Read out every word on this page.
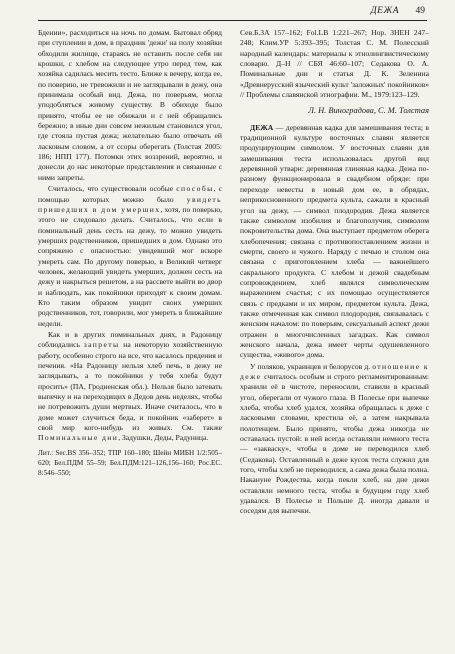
ДЕЖА 49

Бдении», расходиться на ночь по домам. Бытовал обряд при ступлении в дом, в праздник 'дежи' на полу хозяйки обходили жилище, стараясь не оставить после себя ни крошки, с хлебом на следующее утро перед тем, как хозяйка садилась месить тесто. Ближе к вечеру, когда ее, по поверию, не тревожили и не заглядывали в дежу, она принимала особый вид. Дежа, по поверьям, могла уподобляться живому существу. В обиходе было принято, чтобы ее не обижали и с ней обращались бережно; в иные дни совсем нежилым становился угол, где стояла пустая дежа; желательно было отвечать ей ласковым словом, а от ссоры оберегать (Толстая 2005: 186; НПП 177). Потомки этих воззрений, вероятно, и донесли до нас некоторые представления и связанные с ними запреты.

Считалось, что существовали особые способы, с помощью которых можно было увидеть пришедших в дом умерших, хотя, по поверью, этого не следовало делать. Считалось, что если в поминальный день сесть на дежу, то можно увидеть умерших родственников, пришедших в дом. Однако это сопряжено с опасностью: увидевший мог вскоре умереть сам. По другому поверью, в Великий четверг человек, желающий увидеть умерших, должен сесть на дежу и накрыться решетом, а на рассвете выйти во двор и наблюдать, как покойники приходят к своим домам. Кто таким образом увидит своих умерших родственников, тот, говорили, мог умереть в ближайшие недели.

Как и в других поминальных днях, в Радоницу соблюдались запреты на некоторую хозяйственную работу, особенно строго на все, что касалось прядения и печения. «На Радоницу нельзя хлеб печь, в дежу не заглядывать, а то покойники у тебя хлеба будут просить» (ПА, Гродненская обл.). Нельзя было затевать выпечку и на переходящих в Дедов день неделях, чтобы не потревожить души мертвых. Иначе считалось, что в доме может случиться беда, и покойник «заберет» в свой мир кого-нибудь из живых. См. также Поминальные дни, Задушки, Деды, Радуница.

Лит.: Sec.BS 356–352; ТПР 160–180; Шейн МИБН 1/2:505–620; Бел.ПДМ 55–59; Бел.ПДМ:121–126,156–160; Рос.ЕС. 8:546–550;

Сев.Б.ЗА 157–162; Fol.LB 1:221–267; Нор. ЗНЕН 247–248; Клим.УР 5:393–395; Толстая С. М. Полесский народный календарь: материалы к этнолингвистическому словарю. Д–Н // СБЯ 46:60–107; Седакова О. А. Поминальные дни и статья Д. К. Зеленина «Древнерусский языческий культ 'заложных' покойников» // Проблемы славянской этнографии. М., 1979:123–129.

Л. Н. Виноградова, С. М. Толстая

ДЕЖА — деревянная кадка для замешивания теста; в традиционной культуре восточных славян является продуцирующим символом. У восточных славян для замешивания теста использовалась другой вид деревянной утвари: деревянная глиняная кадка. Дежа по-разному функционировала в свадебном обряде: при переходе невесты в новый дом ее, в обрядах, неприкосновенного предмета культа, сажали в красный угол на дежу, — символ плодородия. Дежа является также символом изобилия и благополучия, символом покровительства дома. Она выступает предметом оберега хлебопечения; связана с противопоставлением жизни и смерти, своего и чужого. Наряду с печью и столом она связана с приготовлением хлеба — важнейшего сакрального продукта. С хлебом и дежой свадебным сопровождением, хлеб являлся символическим выражением счастья; с их помощью осуществляется связь с предками и их миром, предметом культа. Дежа, также отмеченная как символ плодородия, связывалась с женским началом: по поверьям, сексуальный аспект дежи отражен в многочисленных загадках. Как символ женского начала, дежа имеет черты одушевленного существа, «живого» дома.

У поляков, украинцев и белорусов д. отношение к деже считалось особым и строго регламентированным: хранили её в чистоте, переносили, ставили в красный угол, оберегали от чужого глаза. В Полесье при выпечке хлеба, чтобы хлеб удался, хозяйка обращалась к деже с ласковыми словами, крестила её, а затем накрывала полотенцем. Было принято, чтобы дежа никогда не оставалась пустой: в ней всегда оставляли немного теста — «закваску», чтобы в доме не переводился хлеб (Седакова). Оставленный в деже кусок теста служил для того, чтобы хлеб не переводился, а сама дежа была полна. Накануне Рождества, когда пекли хлеб, на дне дежи оставляли немного теста, чтобы в будущем году хлеб удавался. В Полесье и Польше Д. иногда давали и соседям для выпечки.
